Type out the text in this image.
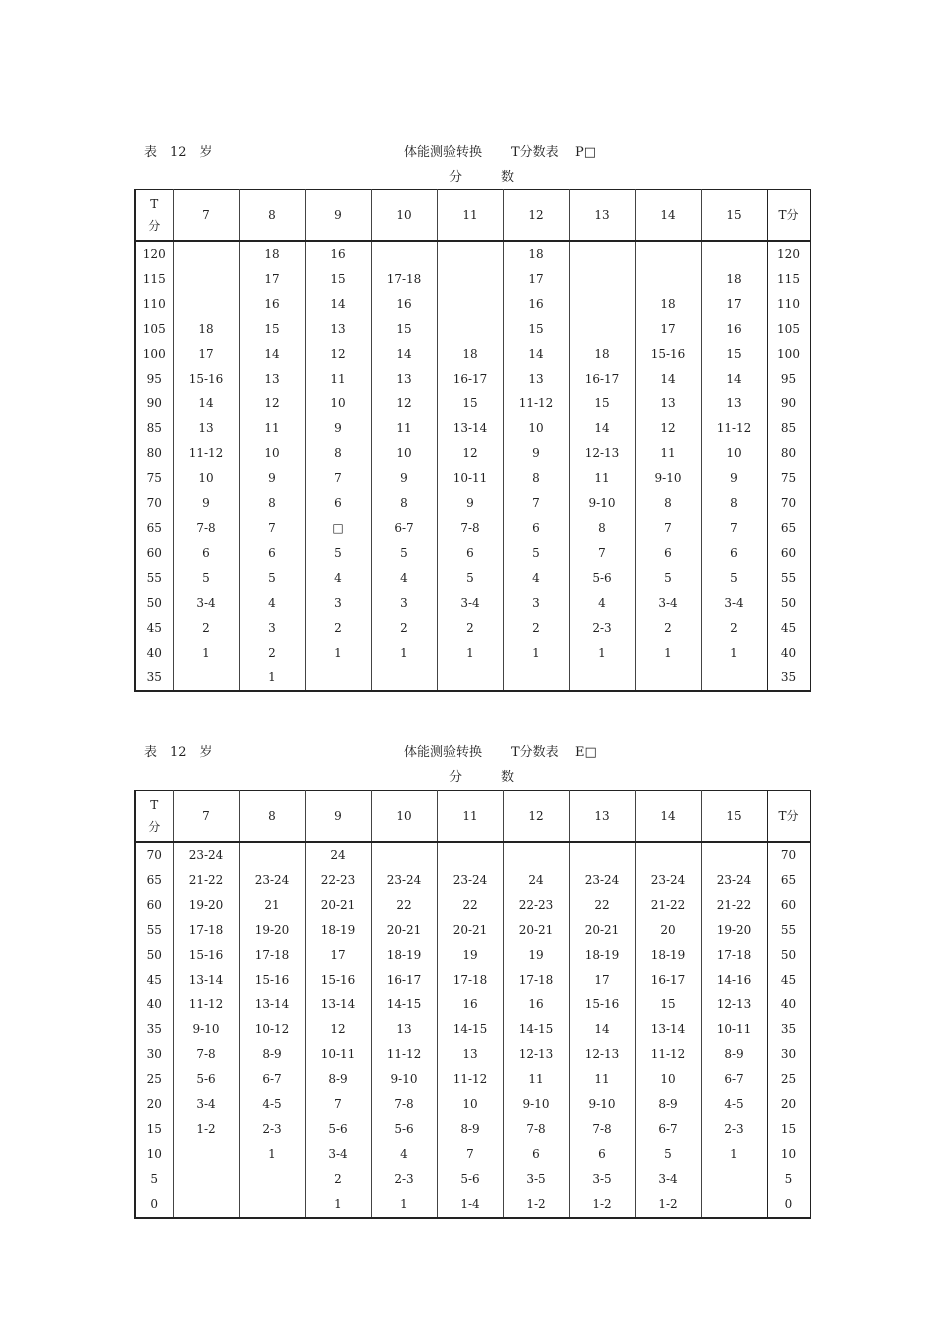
表　12　岁	体能测验转换 T分数表 P□
分　　　数
T
分	7	8	9	10	11	12	13	14	15	T分
120		18	16			18				120
115		17	15	17-18		17			18	115
110		16	14	16		16		18	17	110
105	18	15	13	15		15		17	16	105
100	17	14	12	14	18	14	18	15-16	15	100
95	15-16	13	11	13	16-17	13	16-17	14	14	95
90	14	12	10	12	15	11-12	15	13	13	90
85	13	11	9	11	13-14	10	14	12	11-12	85
80	11-12	10	8	10	12	9	12-13	11	10	80
75	10	9	7	9	10-11	8	11	9-10	9	75
70	9	8	6	8	9	7	9-10	8	8	70
65	7-8	7	□	6-7	7-8	6	8	7	7	65
60	6	6	5	5	6	5	7	6	6	60
55	5	5	4	4	5	4	5-6	5	5	55
50	3-4	4	3	3	3-4	3	4	3-4	3-4	50
45	2	3	2	2	2	2	2-3	2	2	45
40	1	2	1	1	1	1	1	1	1	40
35		1								35
表　12　岁	体能测验转换 T分数表 E□
分　　　数
T
分	7	8	9	10	11	12	13	14	15	T分
70	23-24		24							70
65	21-22	23-24	22-23	23-24	23-24	24	23-24	23-24	23-24	65
60	19-20	21	20-21	22	22	22-23	22	21-22	21-22	60
55	17-18	19-20	18-19	20-21	20-21	20-21	20-21	20	19-20	55
50	15-16	17-18	17	18-19	19	19	18-19	18-19	17-18	50
45	13-14	15-16	15-16	16-17	17-18	17-18	17	16-17	14-16	45
40	11-12	13-14	13-14	14-15	16	16	15-16	15	12-13	40
35	9-10	10-12	12	13	14-15	14-15	14	13-14	10-11	35
30	7-8	8-9	10-11	11-12	13	12-13	12-13	11-12	8-9	30
25	5-6	6-7	8-9	9-10	11-12	11	11	10	6-7	25
20	3-4	4-5	7	7-8	10	9-10	9-10	8-9	4-5	20
15	1-2	2-3	5-6	5-6	8-9	7-8	7-8	6-7	2-3	15
10		1	3-4	4	7	6	6	5	1	10
5			2	2-3	5-6	3-5	3-5	3-4		5
0			1	1	1-4	1-2	1-2	1-2		0
